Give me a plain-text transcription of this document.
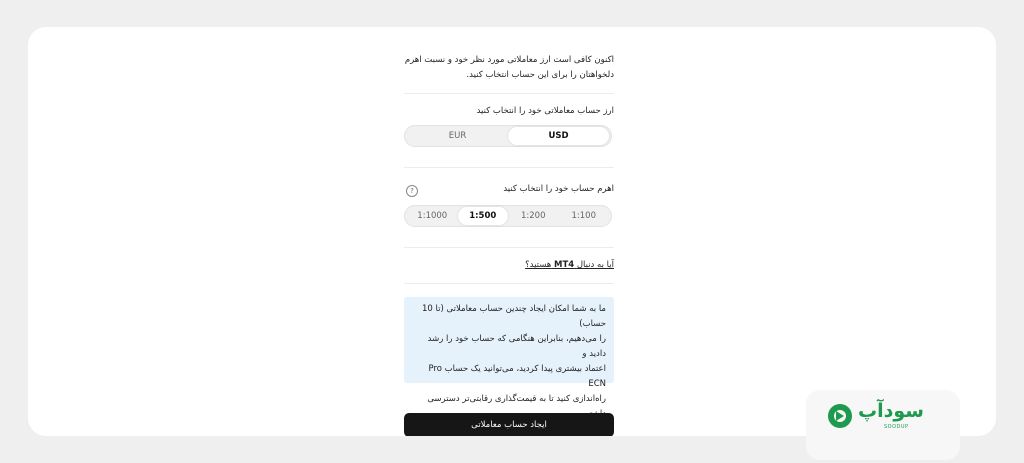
اکنون کافی است ارز معاملاتی مورد نظر خود و نسبت اهرم
دلخواهتان را برای این حساب انتخاب کنید.
ارز حساب معاملاتی خود را انتخاب کنید
EUR	USD
اهرم حساب خود را انتخاب کنید
?
1:1000	1:500	1:200	1:100
آیا به دنبال MT4 هستید؟
ما به شما امکان ایجاد چندین حساب معاملاتی (تا 10 حساب)
را می‌دهیم، بنابراین هنگامی که حساب خود را رشد دادید و
اعتماد بیشتری پیدا کردید، می‌توانید یک حساب Pro ECN
راه‌اندازی کنید تا به قیمت‌گذاری رقابتی‌تر دسترسی
ایجاد حساب معاملاتی
سودآپ
SOODUP
